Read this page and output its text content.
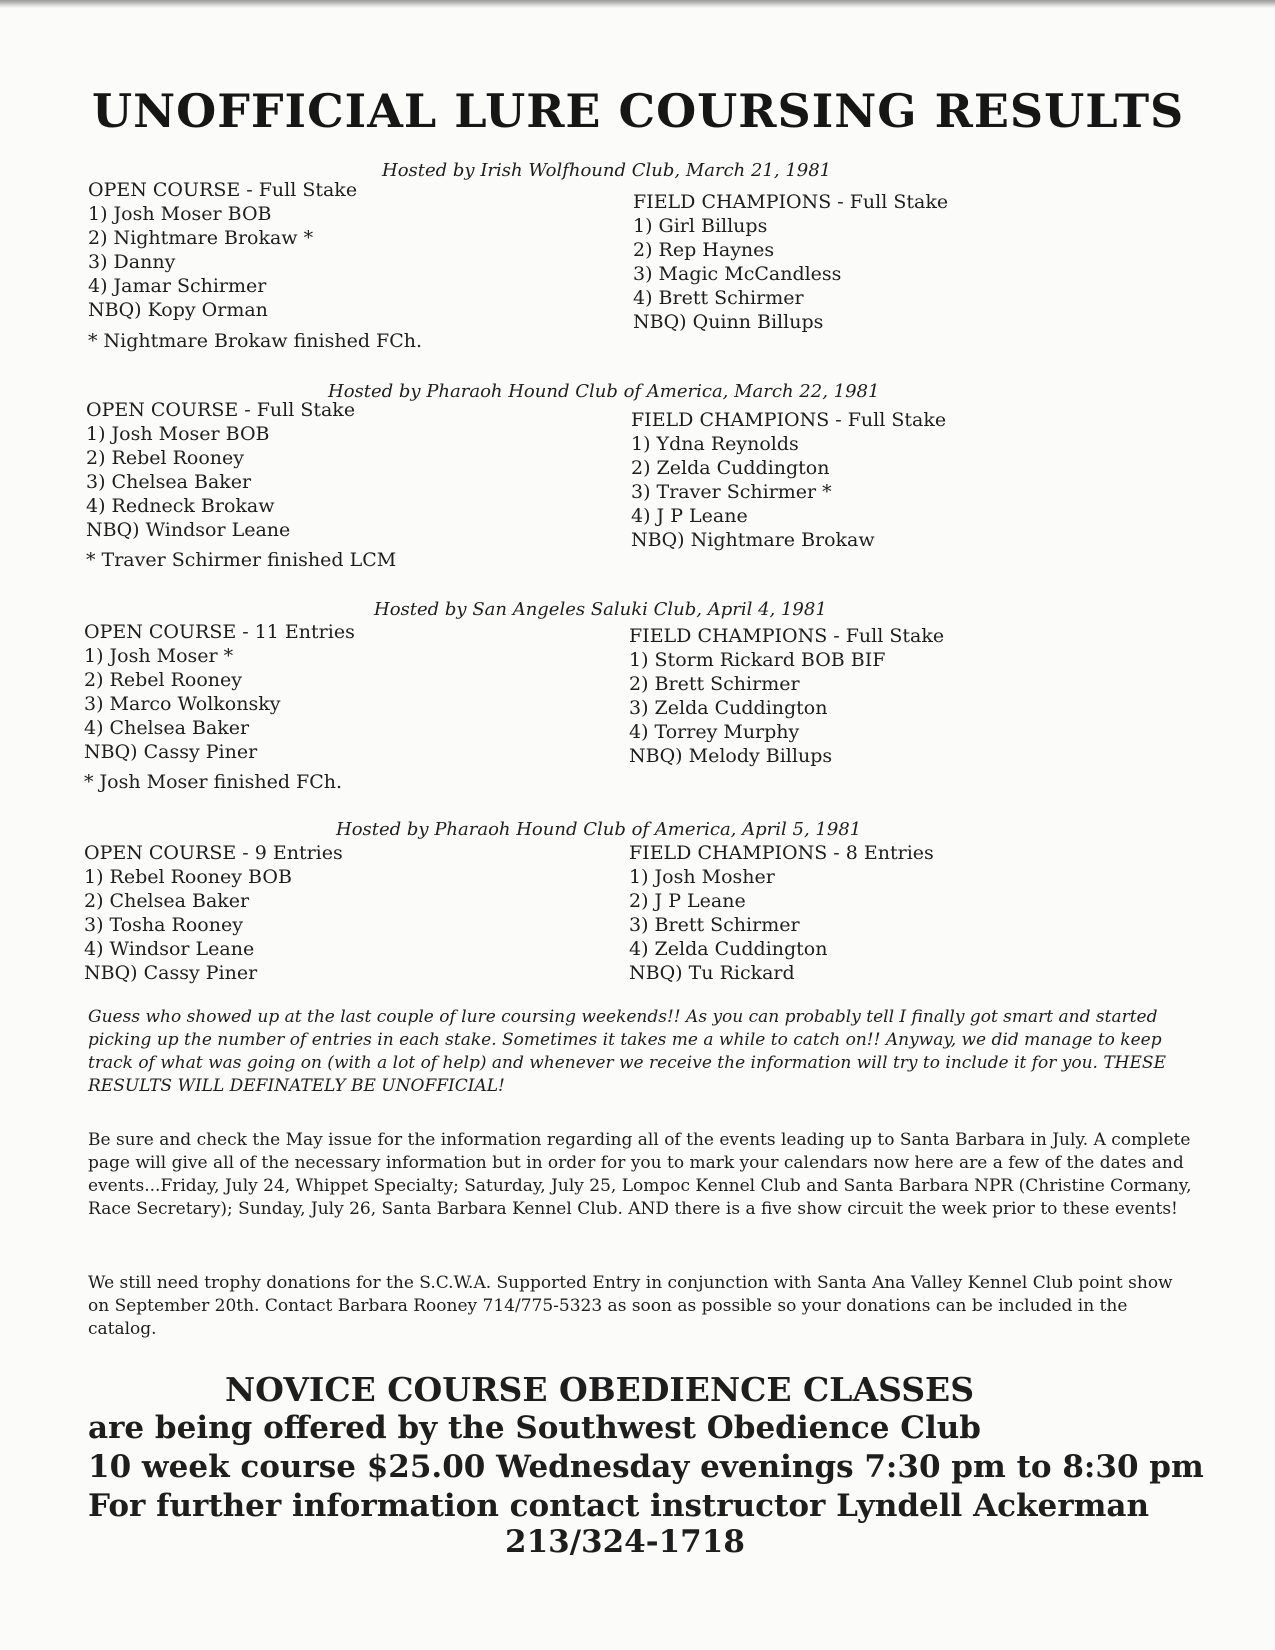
UNOFFICIAL LURE COURSING RESULTS
Hosted by Irish Wolfhound Club, March 21, 1981
OPEN COURSE - Full Stake
1) Josh Moser BOB
2) Nightmare Brokaw *
3) Danny
4) Jamar Schirmer
NBQ) Kopy Orman
* Nightmare Brokaw finished FCh.
FIELD CHAMPIONS - Full Stake
1) Girl Billups
2) Rep Haynes
3) Magic McCandless
4) Brett Schirmer
NBQ) Quinn Billups
Hosted by Pharaoh Hound Club of America, March 22, 1981
OPEN COURSE - Full Stake
1) Josh Moser BOB
2) Rebel Rooney
3) Chelsea Baker
4) Redneck Brokaw
NBQ) Windsor Leane
* Traver Schirmer finished LCM
FIELD CHAMPIONS - Full Stake
1) Ydna Reynolds
2) Zelda Cuddington
3) Traver Schirmer *
4) J P Leane
NBQ) Nightmare Brokaw
Hosted by San Angeles Saluki Club, April 4, 1981
OPEN COURSE - 11 Entries
1) Josh Moser *
2) Rebel Rooney
3) Marco Wolkonsky
4) Chelsea Baker
NBQ) Cassy Piner
* Josh Moser finished FCh.
FIELD CHAMPIONS - Full Stake
1) Storm Rickard BOB BIF
2) Brett Schirmer
3) Zelda Cuddington
4) Torrey Murphy
NBQ) Melody Billups
Hosted by Pharaoh Hound Club of America, April 5, 1981
OPEN COURSE - 9 Entries
1) Rebel Rooney BOB
2) Chelsea Baker
3) Tosha Rooney
4) Windsor Leane
NBQ) Cassy Piner
FIELD CHAMPIONS - 8 Entries
1) Josh Mosher
2) J P Leane
3) Brett Schirmer
4) Zelda Cuddington
NBQ) Tu Rickard

Guess who showed up at the last couple of lure coursing weekends!! As you can probably tell I finally got smart and started picking up the number of entries in each stake. Sometimes it takes me a while to catch on!! Anyway, we did manage to keep track of what was going on (with a lot of help) and whenever we receive the information will try to include it for you. THESE RESULTS WILL DEFINATELY BE UNOFFICIAL!

Be sure and check the May issue for the information regarding all of the events leading up to Santa Barbara in July. A complete page will give all of the necessary information but in order for you to mark your calendars now here are a few of the dates and events...Friday, July 24, Whippet Specialty; Saturday, July 25, Lompoc Kennel Club and Santa Barbara NPR (Christine Cormany, Race Secretary); Sunday, July 26, Santa Barbara Kennel Club. AND there is a five show circuit the week prior to these events!

We still need trophy donations for the S.C.W.A. Supported Entry in conjunction with Santa Ana Valley Kennel Club point show on September 20th. Contact Barbara Rooney 714/775-5323 as soon as possible so your donations can be included in the catalog.

NOVICE COURSE OBEDIENCE CLASSES
are being offered by the Southwest Obedience Club
10 week course $25.00 Wednesday evenings 7:30 pm to 8:30 pm
For further information contact instructor Lyndell Ackerman
213/324-1718
